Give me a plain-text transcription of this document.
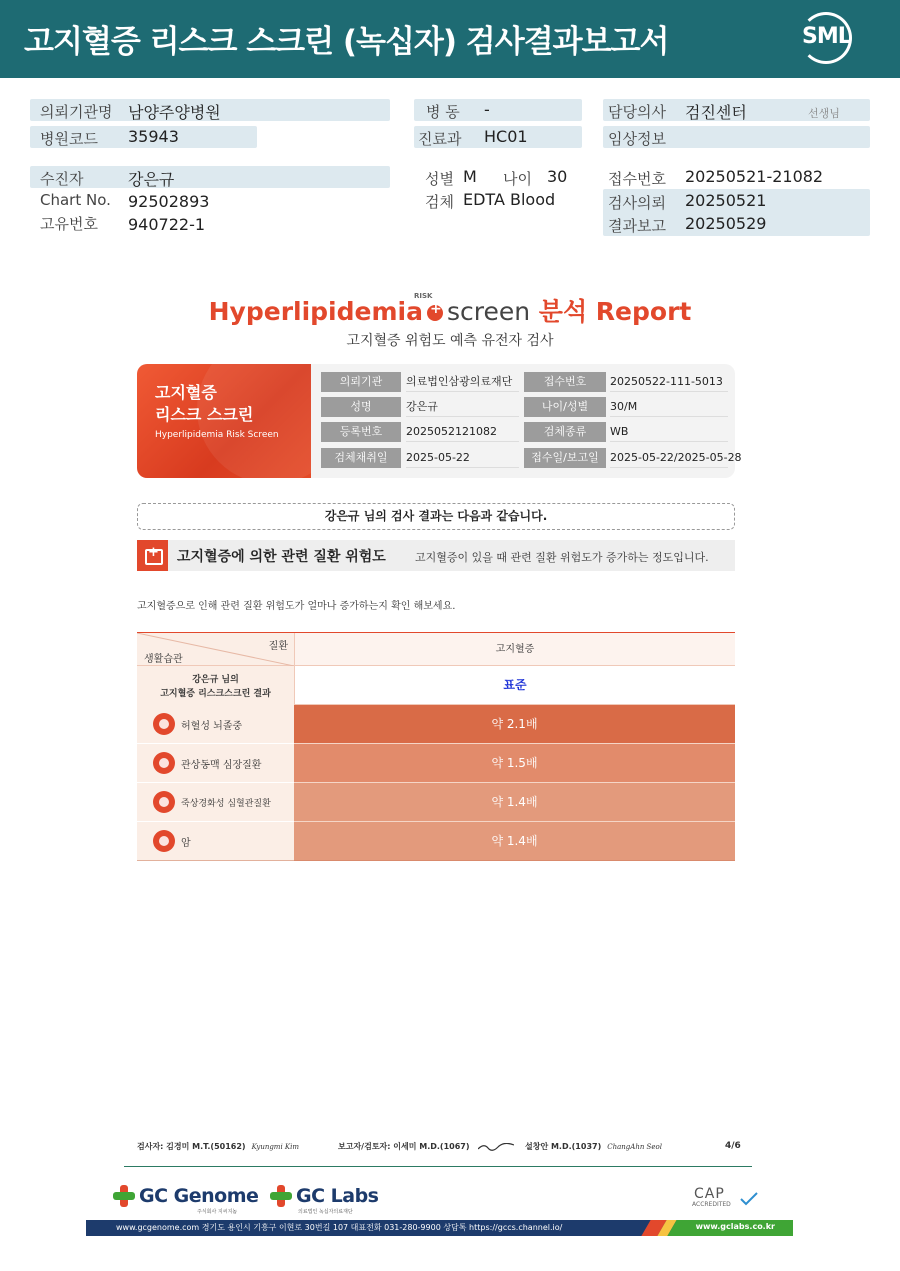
고지혈증 리스크 스크린 (녹십자) 검사결과보고서	SML
의뢰기관명 남양주양병원
병원코드 35943
수진자	강은규
Chart No. 92502893
고유번호 940722-1
병 동 -
진료과 HC01
성별 M 나이 30
검체 EDTA Blood
담당의사 검진센터	선생님
임상정보
접수번호 20250521-21082
검사의뢰 20250521
결과보고 20250529
Hyperlipidemia+ screen 분석 Report
RISK
고지혈증 위험도 예측 유전자 검사
고지혈증
리스크 스크린
Hyperlipidemia Risk Screen
의뢰기관	의료법인삼광의료재단	접수번호	20250522-111-5013
성명	강은규	나이/성별	30/M
등록번호	2025052121082	검체종류	WB
검체채취일	2025-05-22	접수일/보고일	2025-05-22/2025-05-28
강은규 님의 검사 결과는 다음과 같습니다.
+
고지혈증에 의한 관련 질환 위험도	고지혈증이 있을 때 관련 질환 위험도가 증가하는 정도입니다.
고지혈증으로 인해 관련 질환 위험도가 얼마나 증가하는지 확인 해보세요.
질환
생활습관
고지혈증
강은규 님의
고지혈증 리스크스크린 결과
표준
허혈성 뇌졸중	약 2.1배
관상동맥 심장질환	약 1.5배
죽상경화성 심혈관질환	약 1.4배
암	약 1.4배
검사자: 김경미 M.T.(50162) Kyungmi Kim	보고자/검토자: 이세미 M.D.(1067)	설창안 M.D.(1037) ChangAhn Seol	4/6
GC Genome
주식회사 지씨지놈
GC Labs
의료법인 녹십자의료재단
CAP
ACCREDITED
www.gcgenome.com 경기도 용인시 기흥구 이현로 30번길 107 대표전화 031-280-9900 상담톡 https://gccs.channel.io/	www.gclabs.co.kr
